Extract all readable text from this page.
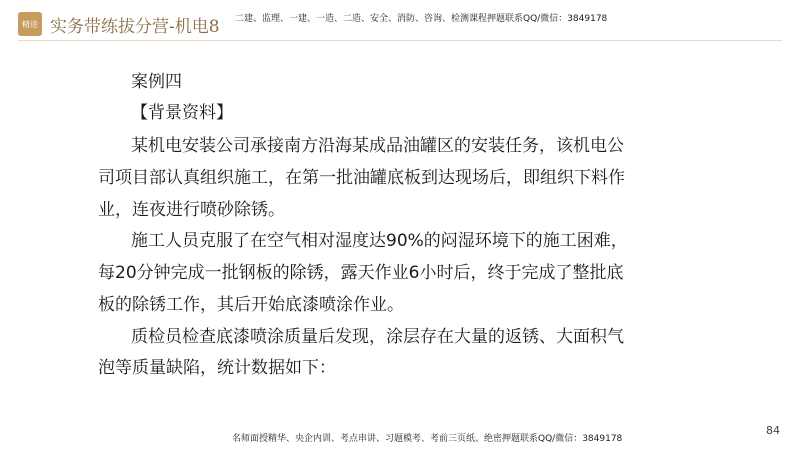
精进 实务带练拔分营-机电8 二建、监理、一建、一造、二造、安全、消防、咨询、检测课程押题联系QQ/微信：3849178
案例四
【背景资料】
某机电安装公司承接南方沿海某成品油罐区的安装任务，该机电公
司项目部认真组织施工，在第一批油罐底板到达现场后，即组织下料作
业，连夜进行喷砂除锈。
施工人员克服了在空气相对湿度达90%的闷湿环境下的施工困难，
每20分钟完成一批钢板的除锈，露天作业6小时后，终于完成了整批底
板的除锈工作，其后开始底漆喷涂作业。
质检员检查底漆喷涂质量后发现，涂层存在大量的返锈、大面积气
泡等质量缺陷，统计数据如下：
· · · · · · · ·
· · · · · · · ·
84
名师面授精华、央企内训、考点串讲、习题模考、考前三页纸、绝密押题联系QQ/微信：3849178
